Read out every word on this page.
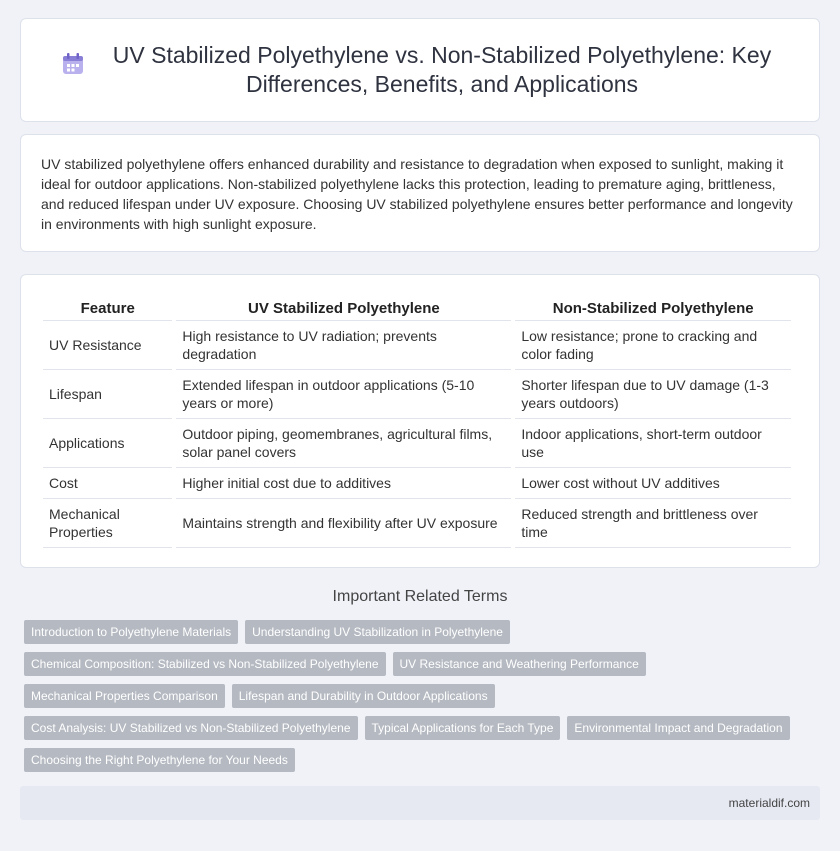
UV Stabilized Polyethylene vs. Non-Stabilized Polyethylene: Key Differences, Benefits, and Applications

UV stabilized polyethylene offers enhanced durability and resistance to degradation when exposed to sunlight, making it ideal for outdoor applications. Non-stabilized polyethylene lacks this protection, leading to premature aging, brittleness, and reduced lifespan under UV exposure. Choosing UV stabilized polyethylene ensures better performance and longevity in environments with high sunlight exposure.

Feature	UV Stabilized Polyethylene	Non-Stabilized Polyethylene
UV Resistance	High resistance to UV radiation; prevents degradation	Low resistance; prone to cracking and color fading
Lifespan	Extended lifespan in outdoor applications (5-10 years or more)	Shorter lifespan due to UV damage (1-3 years outdoors)
Applications	Outdoor piping, geomembranes, agricultural films, solar panel covers	Indoor applications, short-term outdoor use
Cost	Higher initial cost due to additives	Lower cost without UV additives
Mechanical Properties	Maintains strength and flexibility after UV exposure	Reduced strength and brittleness over time
Important Related Terms
Introduction to Polyethylene Materials	Understanding UV Stabilization in Polyethylene
Chemical Composition: Stabilized vs Non-Stabilized Polyethylene	UV Resistance and Weathering Performance
Mechanical Properties Comparison	Lifespan and Durability in Outdoor Applications
Cost Analysis: UV Stabilized vs Non-Stabilized Polyethylene	Typical Applications for Each Type	Environmental Impact and Degradation
Choosing the Right Polyethylene for Your Needs
materialdif.com
